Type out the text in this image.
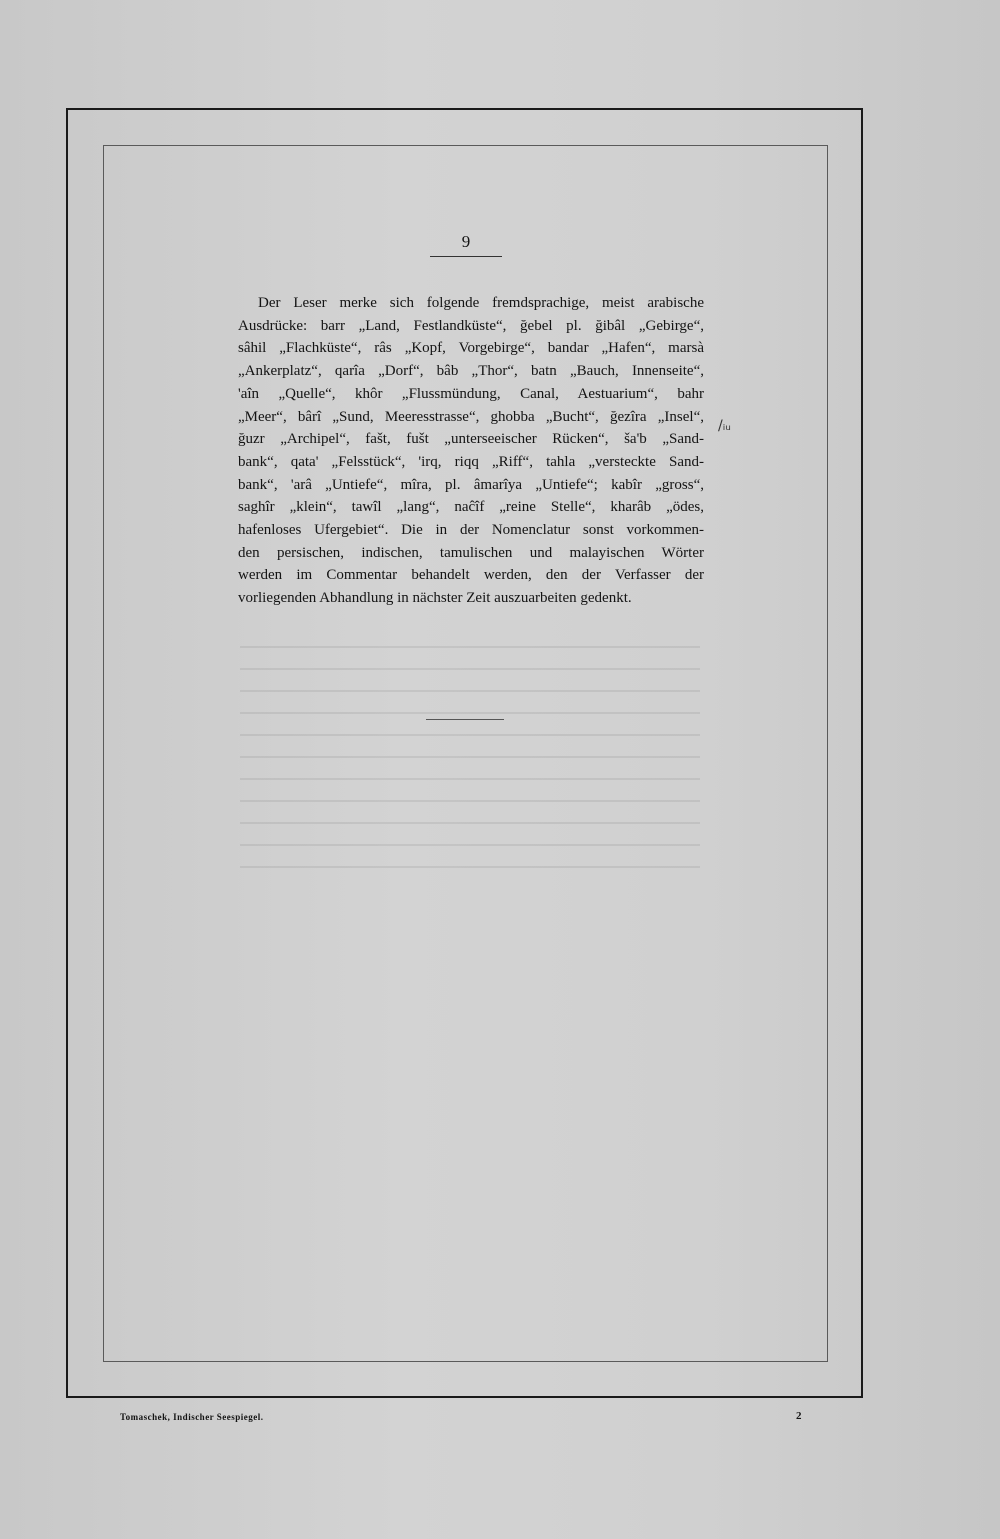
9

Der Leser merke sich folgende fremdsprachige, meist arabische
Ausdrücke: barr „Land, Festlandküste“, ğebel pl. ğibâl „Gebirge“,
sâhil „Flachküste“, râs „Kopf, Vorgebirge“, bandar „Hafen“, marsà
„Ankerplatz“, qarîa „Dorf“, bâb „Thor“, batn „Bauch, Innenseite“,
'aîn „Quelle“, khôr „Flussmündung, Canal, Aestuarium“, bahr
„Meer“, bârî „Sund, Meeresstrasse“, ghobba „Bucht“, ğezîra „Insel“,
ğuzr „Archipel“, fašt, fušt „unterseeischer Rücken“, ša'b „Sand-
bank“, qata' „Felsstück“, 'irq, riqq „Riff“, tahla „versteckte Sand-
bank“, 'arâ „Untiefe“, mîra, pl. âmarîya „Untiefe“; kabîr „gross“,
saghîr „klein“, tawîl „lang“, naĉîf „reine Stelle“, kharâb „ödes,
hafenloses Ufergebiet“. Die in der Nomenclatur sonst vorkommen-
den persischen, indischen, tamulischen und malayischen Wörter
werden im Commentar behandelt werden, den der Verfasser der
vorliegenden Abhandlung in nächster Zeit auszuarbeiten gedenkt.

/ᵢᵤ
Tomaschek, Indischer Seespiegel.	2
